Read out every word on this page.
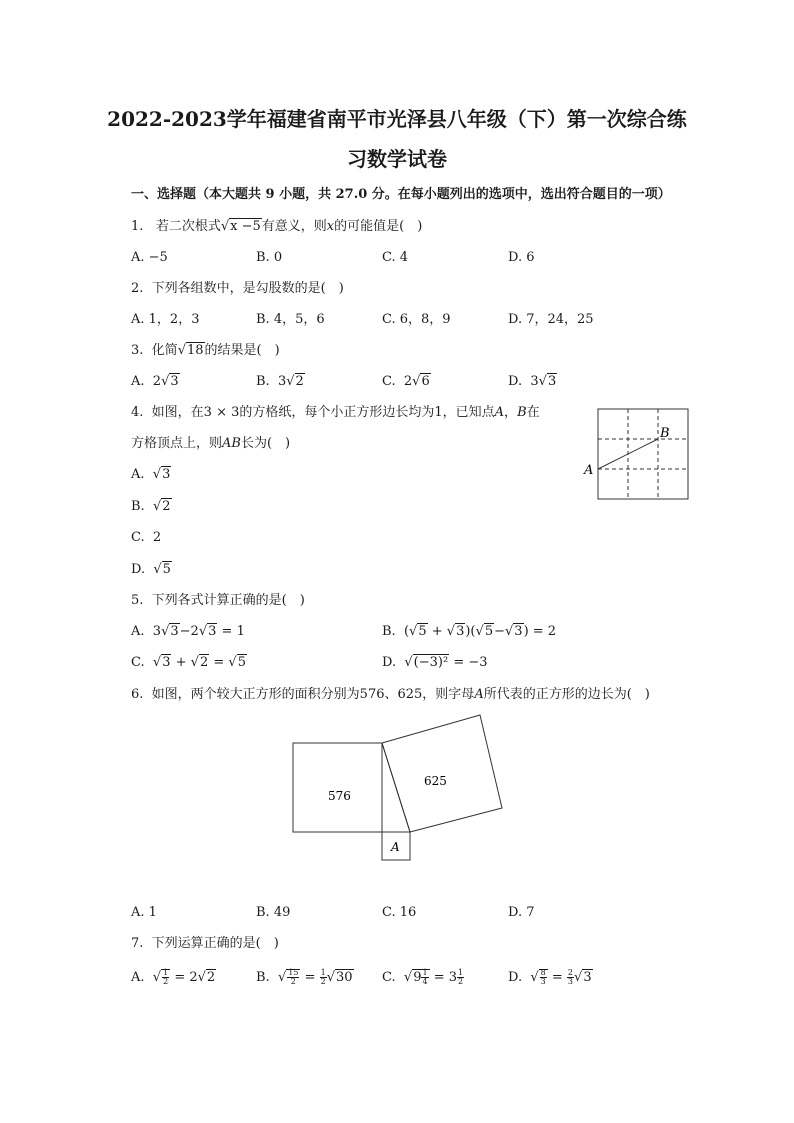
2022-2023学年福建省南平市光泽县八年级（下）第一次综合练
习数学试卷
一、选择题（本大题共 9 小题，共 27.0 分。在每小题列出的选项中，选出符合题目的一项）
1. 若二次根式√x −5有意义，则x的可能值是(　)
A. −5	B. 0	C. 4	D. 6
2. 下列各组数中，是勾股数的是(　)
A. 1，2，3	B. 4，5，6	C. 6，8，9	D. 7，24，25
3. 化简√18的结果是(　)
A. 2√3	B. 3√2	C. 2√6	D. 3√3
4. 如图，在3 × 3的方格纸，每个小正方形边长均为1，已知点A，B在
方格顶点上，则AB长为(　)
A. √3
B. √2
C. 2
D. √5
A
B
5. 下列各式计算正确的是(　)
A. 3√3−2√3 = 1	B. (√5 + √3)(√5−√3) = 2
C. √3 + √2 = √5	D. √(−3)² = −3
6. 如图，两个较大正方形的面积分别为576、625，则字母A所代表的正方形的边长为(　)
576
625
A
A. 1	B. 49	C. 16	D. 7
7. 下列运算正确的是(　)
A. √ $\frac{1}{2} = 2√2$	B. √ $\frac{15}{2} = \frac{1}{2} √30$ C. $√9 \frac{1}{4} = 3 \frac{1}{2}$	D. √ $\frac{8}{3} = \frac{2}{3} √3$
